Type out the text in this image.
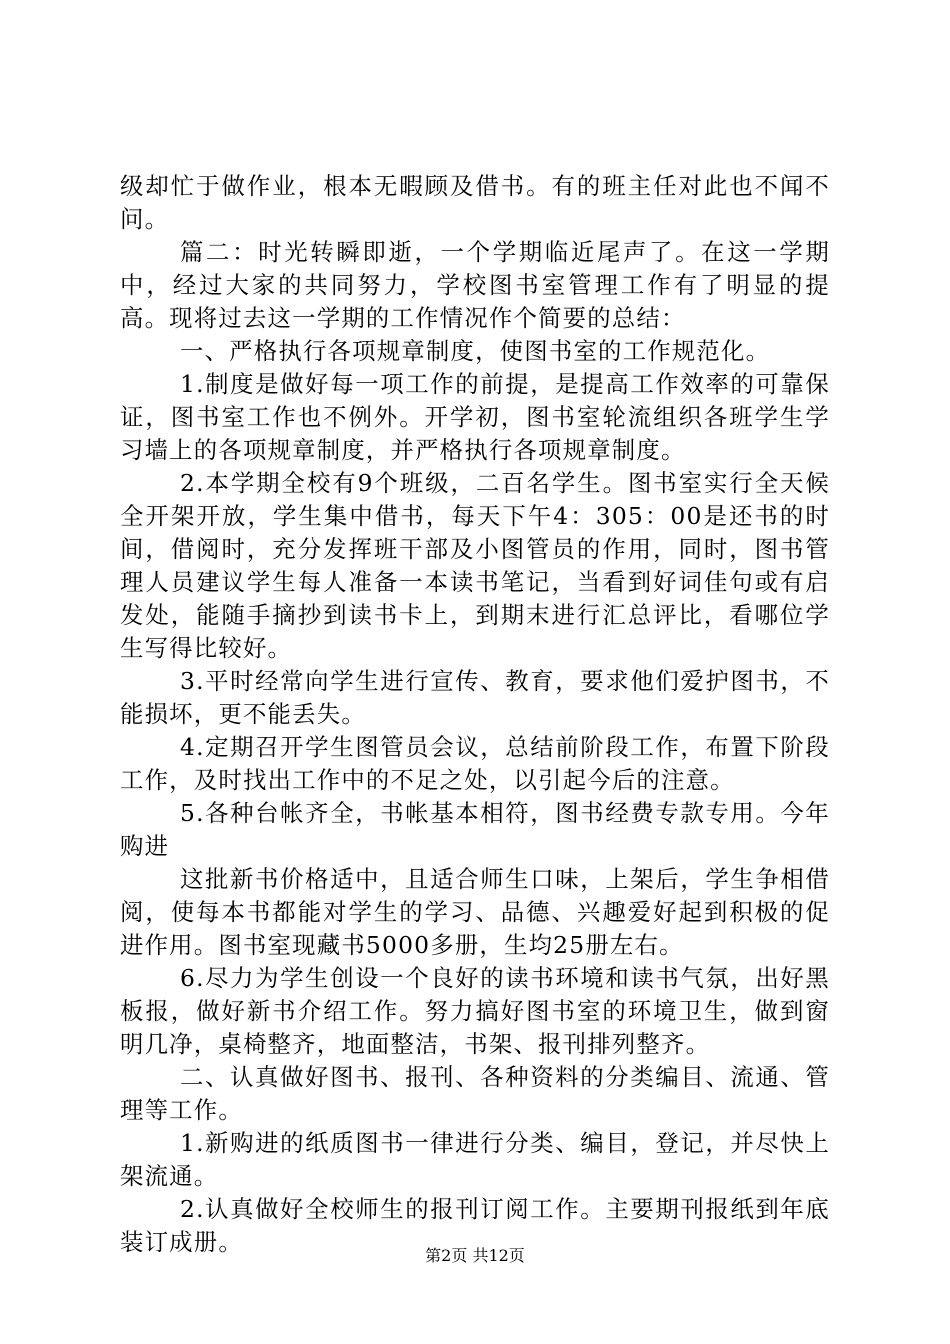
级却忙于做作业，根本无暇顾及借书。有的班主任对此也不闻不问。

篇二：时光转瞬即逝，一个学期临近尾声了。在这一学期中，经过大家的共同努力，学校图书室管理工作有了明显的提高。现将过去这一学期的工作情况作个简要的总结：

一、严格执行各项规章制度，使图书室的工作规范化。

1.制度是做好每一项工作的前提，是提高工作效率的可靠保证，图书室工作也不例外。开学初，图书室轮流组织各班学生学习墙上的各项规章制度，并严格执行各项规章制度。

2.本学期全校有9个班级，二百名学生。图书室实行全天候全开架开放，学生集中借书，每天下午4：305：00是还书的时间，借阅时，充分发挥班干部及小图管员的作用，同时，图书管理人员建议学生每人准备一本读书笔记，当看到好词佳句或有启发处，能随手摘抄到读书卡上，到期末进行汇总评比，看哪位学生写得比较好。

3.平时经常向学生进行宣传、教育，要求他们爱护图书，不能损坏，更不能丢失。

4.定期召开学生图管员会议，总结前阶段工作，布置下阶段工作，及时找出工作中的不足之处，以引起今后的注意。

5.各种台帐齐全，书帐基本相符，图书经费专款专用。今年购进

这批新书价格适中，且适合师生口味，上架后，学生争相借阅，使每本书都能对学生的学习、品德、兴趣爱好起到积极的促进作用。图书室现藏书5000多册，生均25册左右。

6.尽力为学生创设一个良好的读书环境和读书气氛，出好黑板报，做好新书介绍工作。努力搞好图书室的环境卫生，做到窗明几净，桌椅整齐，地面整洁，书架、报刊排列整齐。

二、认真做好图书、报刊、各种资料的分类编目、流通、管理等工作。

1.新购进的纸质图书一律进行分类、编目，登记，并尽快上架流通。

2.认真做好全校师生的报刊订阅工作。主要期刊报纸到年底装订成册。	第2页 共12页
